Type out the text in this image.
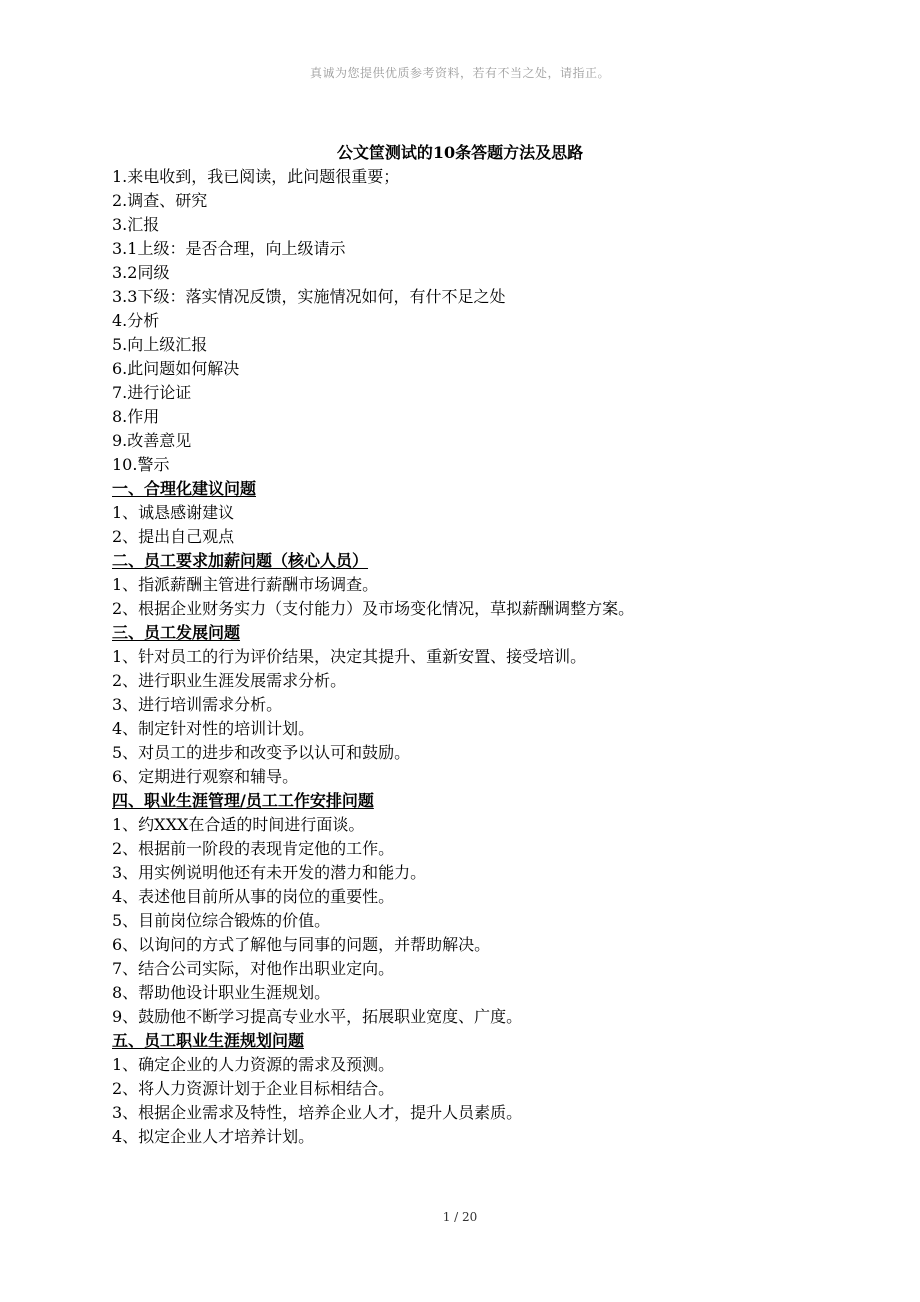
真诚为您提供优质参考资料，若有不当之处，请指正。
公文筐测试的10条答题方法及思路
1.来电收到，我已阅读，此问题很重要；
2.调查、研究
3.汇报
3.1上级：是否合理，向上级请示
3.2同级
3.3下级：落实情况反馈，实施情况如何，有什不足之处
4.分析
5.向上级汇报
6.此问题如何解决
7.进行论证
8.作用
9.改善意见
10.警示
一、合理化建议问题
1、诚恳感谢建议
2、提出自己观点
二、员工要求加薪问题（核心人员）
1、指派薪酬主管进行薪酬市场调查。
2、根据企业财务实力（支付能力）及市场变化情况，草拟薪酬调整方案。
三、员工发展问题
1、针对员工的行为评价结果，决定其提升、重新安置、接受培训。
2、进行职业生涯发展需求分析。
3、进行培训需求分析。
4、制定针对性的培训计划。
5、对员工的进步和改变予以认可和鼓励。
6、定期进行观察和辅导。
四、职业生涯管理/员工工作安排问题
1、约XXX在合适的时间进行面谈。
2、根据前一阶段的表现肯定他的工作。
3、用实例说明他还有未开发的潜力和能力。
4、表述他目前所从事的岗位的重要性。
5、目前岗位综合锻炼的价值。
6、以询问的方式了解他与同事的问题，并帮助解决。
7、结合公司实际，对他作出职业定向。
8、帮助他设计职业生涯规划。
9、鼓励他不断学习提高专业水平，拓展职业宽度、广度。
五、员工职业生涯规划问题
1、确定企业的人力资源的需求及预测。
2、将人力资源计划于企业目标相结合。
3、根据企业需求及特性，培养企业人才，提升人员素质。
4、拟定企业人才培养计划。
1 / 20
